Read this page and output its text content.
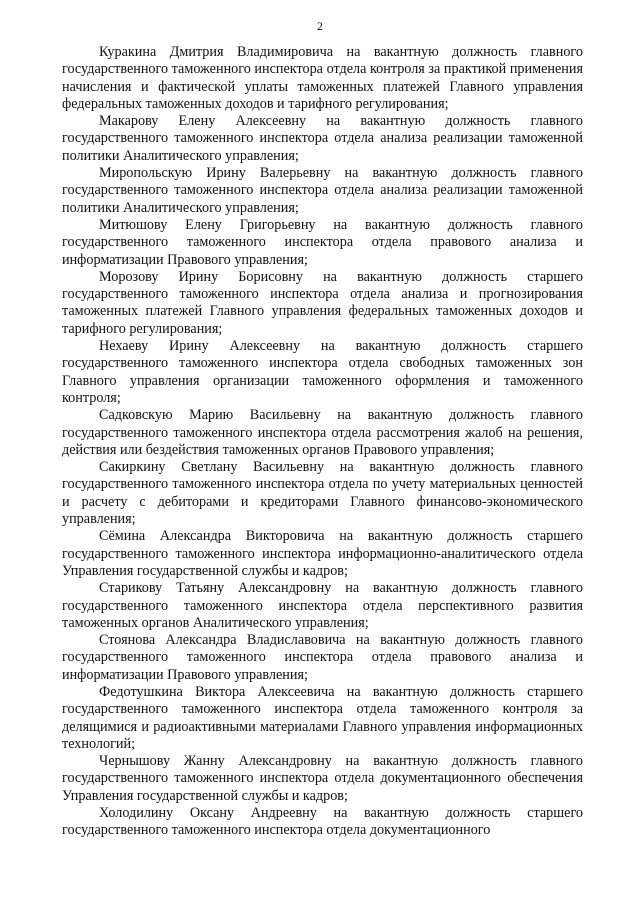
2

Куракина Дмитрия Владимировича на вакантную должность главного государственного таможенного инспектора отдела контроля за практикой применения начисления и фактической уплаты таможенных платежей Главного управления федеральных таможенных доходов и тарифного регулирования;

Макарову Елену Алексеевну на вакантную должность главного государственного таможенного инспектора отдела анализа реализации таможенной политики Аналитического управления;

Миропольскую Ирину Валерьевну на вакантную должность главного государственного таможенного инспектора отдела анализа реализации таможенной политики Аналитического управления;

Митюшову Елену Григорьевну на вакантную должность главного государственного таможенного инспектора отдела правового анализа и информатизации Правового управления;

Морозову Ирину Борисовну на вакантную должность старшего государственного таможенного инспектора отдела анализа и прогнозирования таможенных платежей Главного управления федеральных таможенных доходов и тарифного регулирования;

Нехаеву Ирину Алексеевну на вакантную должность старшего государственного таможенного инспектора отдела свободных таможенных зон Главного управления организации таможенного оформления и таможенного контроля;

Садковскую Марию Васильевну на вакантную должность главного государственного таможенного инспектора отдела рассмотрения жалоб на решения, действия или бездействия таможенных органов Правового управления;

Сакиркину Светлану Васильевну на вакантную должность главного государственного таможенного инспектора отдела по учету материальных ценностей и расчету с дебиторами и кредиторами Главного финансово-экономического управления;

Сёмина Александра Викторовича на вакантную должность старшего государственного таможенного инспектора информационно-аналитического отдела Управления государственной службы и кадров;

Старикову Татьяну Александровну на вакантную должность главного государственного таможенного инспектора отдела перспективного развития таможенных органов Аналитического управления;

Стоянова Александра Владиславовича на вакантную должность главного государственного таможенного инспектора отдела правового анализа и информатизации Правового управления;

Федотушкина Виктора Алексеевича на вакантную должность старшего государственного таможенного инспектора отдела таможенного контроля за делящимися и радиоактивными материалами Главного управления информационных технологий;

Чернышову Жанну Александровну на вакантную должность главного государственного таможенного инспектора отдела документационного обеспечения Управления государственной службы и кадров;

Холодилину Оксану Андреевну на вакантную должность старшего государственного таможенного инспектора отдела документационного
